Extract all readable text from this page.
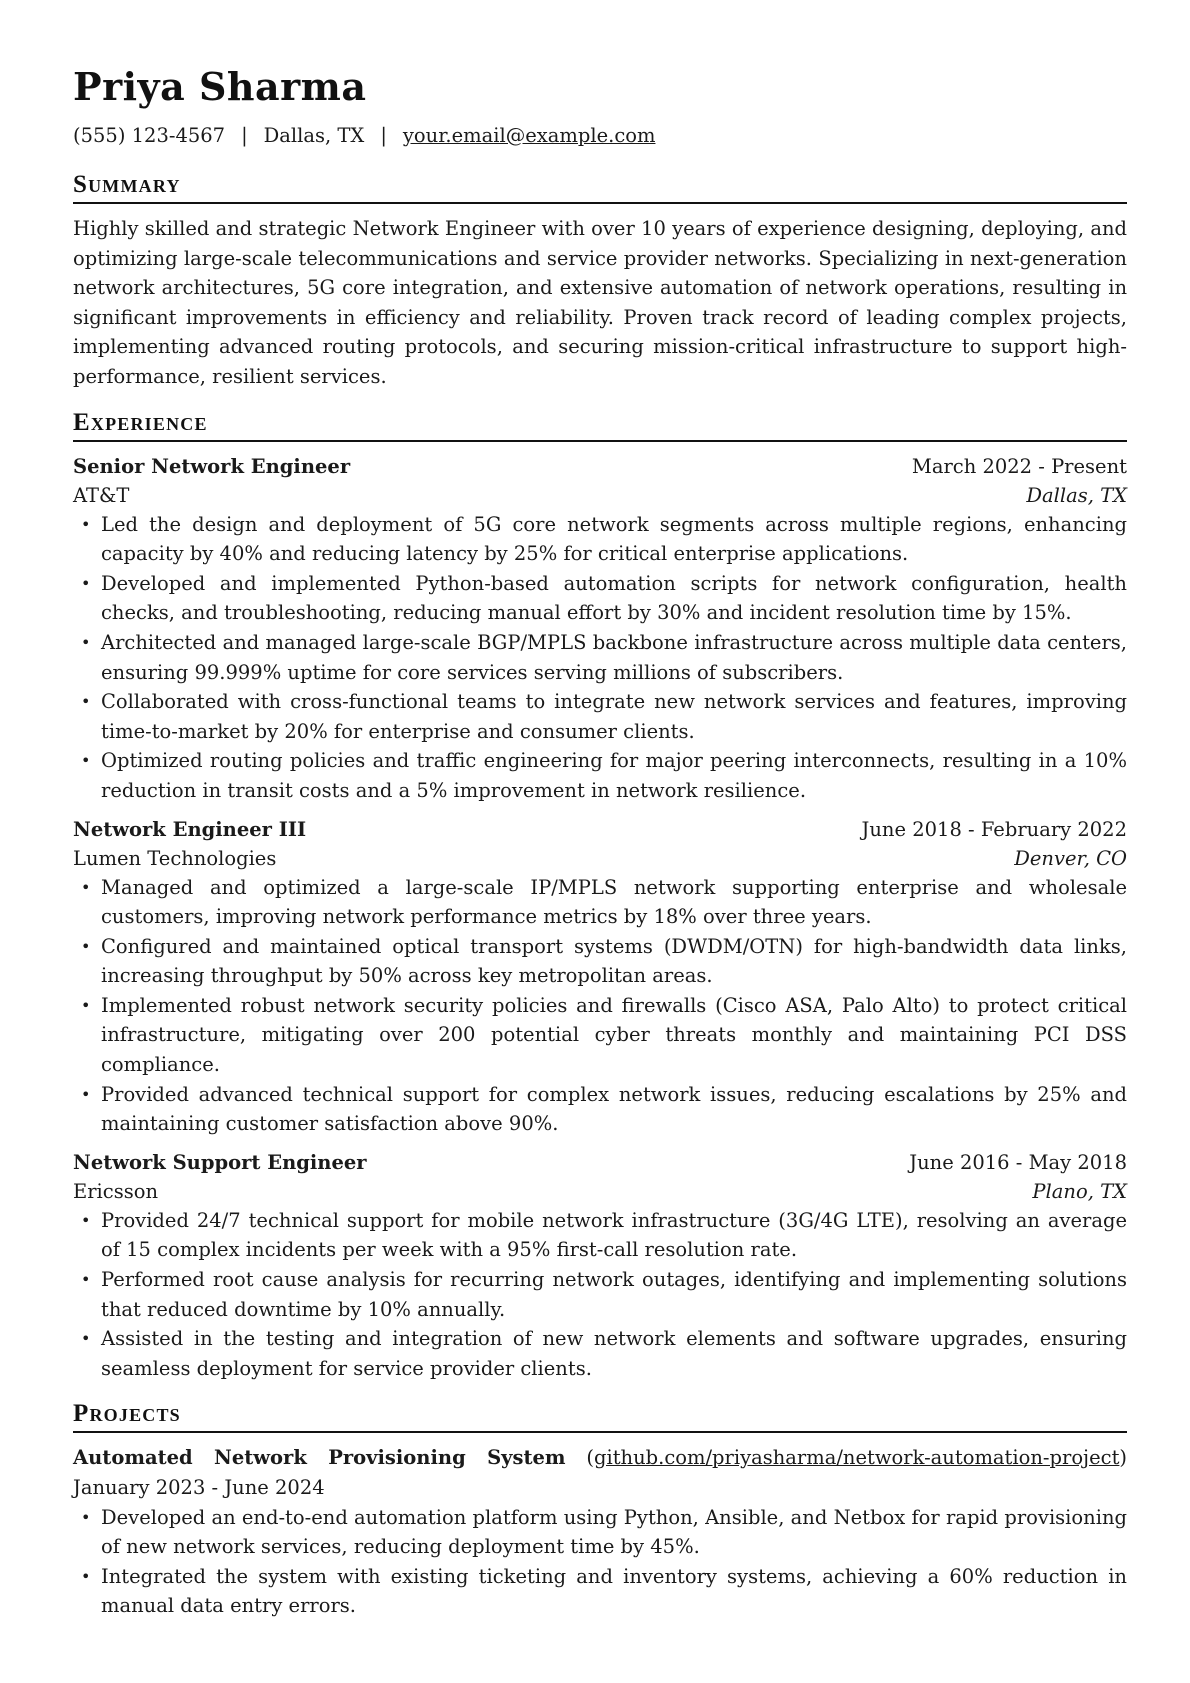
Priya Sharma
(555) 123-4567 | Dallas, TX | your.email@example.com
Summary

Highly skilled and strategic Network Engineer with over 10 years of experience designing, deploying, and optimizing large-scale telecommunications and service provider networks. Specializing in next-generation network architectures, 5G core integration, and extensive automation of network operations, resulting in significant improvements in efficiency and reliability. Proven track record of leading complex projects, implementing advanced routing protocols, and securing mission-critical infrastructure to support high-performance, resilient services.

Experience
Senior Network Engineer	March 2022 - Present
AT&T	Dallas, TX
• Led the design and deployment of 5G core network segments across multiple regions, enhancing capacity by 40% and reducing latency by 25% for critical enterprise applications.
• Developed and implemented Python-based automation scripts for network configuration, health checks, and troubleshooting, reducing manual effort by 30% and incident resolution time by 15%.
• Architected and managed large-scale BGP/MPLS backbone infrastructure across multiple data centers, ensuring 99.999% uptime for core services serving millions of subscribers.
• Collaborated with cross-functional teams to integrate new network services and features, improving time-to-market by 20% for enterprise and consumer clients.
• Optimized routing policies and traffic engineering for major peering interconnects, resulting in a 10% reduction in transit costs and a 5% improvement in network resilience.
Network Engineer III	June 2018 - February 2022
Lumen Technologies	Denver, CO
• Managed and optimized a large-scale IP/MPLS network supporting enterprise and wholesale customers, improving network performance metrics by 18% over three years.
• Configured and maintained optical transport systems (DWDM/OTN) for high-bandwidth data links, increasing throughput by 50% across key metropolitan areas.
• Implemented robust network security policies and firewalls (Cisco ASA, Palo Alto) to protect critical infrastructure, mitigating over 200 potential cyber threats monthly and maintaining PCI DSS compliance.
• Provided advanced technical support for complex network issues, reducing escalations by 25% and maintaining customer satisfaction above 90%.
Network Support Engineer	June 2016 - May 2018
Ericsson	Plano, TX
• Provided 24/7 technical support for mobile network infrastructure (3G/4G LTE), resolving an average of 15 complex incidents per week with a 95% first-call resolution rate.
• Performed root cause analysis for recurring network outages, identifying and implementing solutions that reduced downtime by 10% annually.
• Assisted in the testing and integration of new network elements and software upgrades, ensuring seamless deployment for service provider clients.
Projects
Automated Network Provisioning System (github.com/priyasharma/network-automation-project) January 2023 - June 2024
• Developed an end-to-end automation platform using Python, Ansible, and Netbox for rapid provisioning of new network services, reducing deployment time by 45%.
• Integrated the system with existing ticketing and inventory systems, achieving a 60% reduction in manual data entry errors.
